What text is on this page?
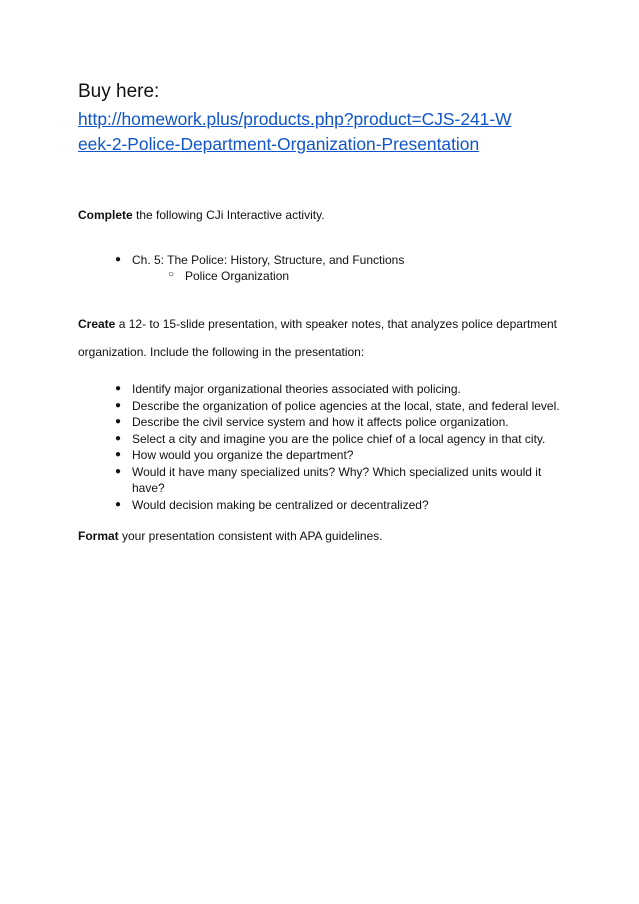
Buy here:
http://homework.plus/products.php?product=CJS-241-W
eek-2-Police-Department-Organization-Presentation
Complete the following CJi Interactive activity.
● Ch. 5: The Police: History, Structure, and Functions
○ Police Organization
Create a 12- to 15-slide presentation, with speaker notes, that analyzes police department
organization. Include the following in the presentation:
● Identify major organizational theories associated with policing.
● Describe the organization of police agencies at the local, state, and federal level.
● Describe the civil service system and how it affects police organization.
● Select a city and imagine you are the police chief of a local agency in that city.
● How would you organize the department?
● Would it have many specialized units? Why? Which specialized units would it
have?
● Would decision making be centralized or decentralized?
Format your presentation consistent with APA guidelines.
